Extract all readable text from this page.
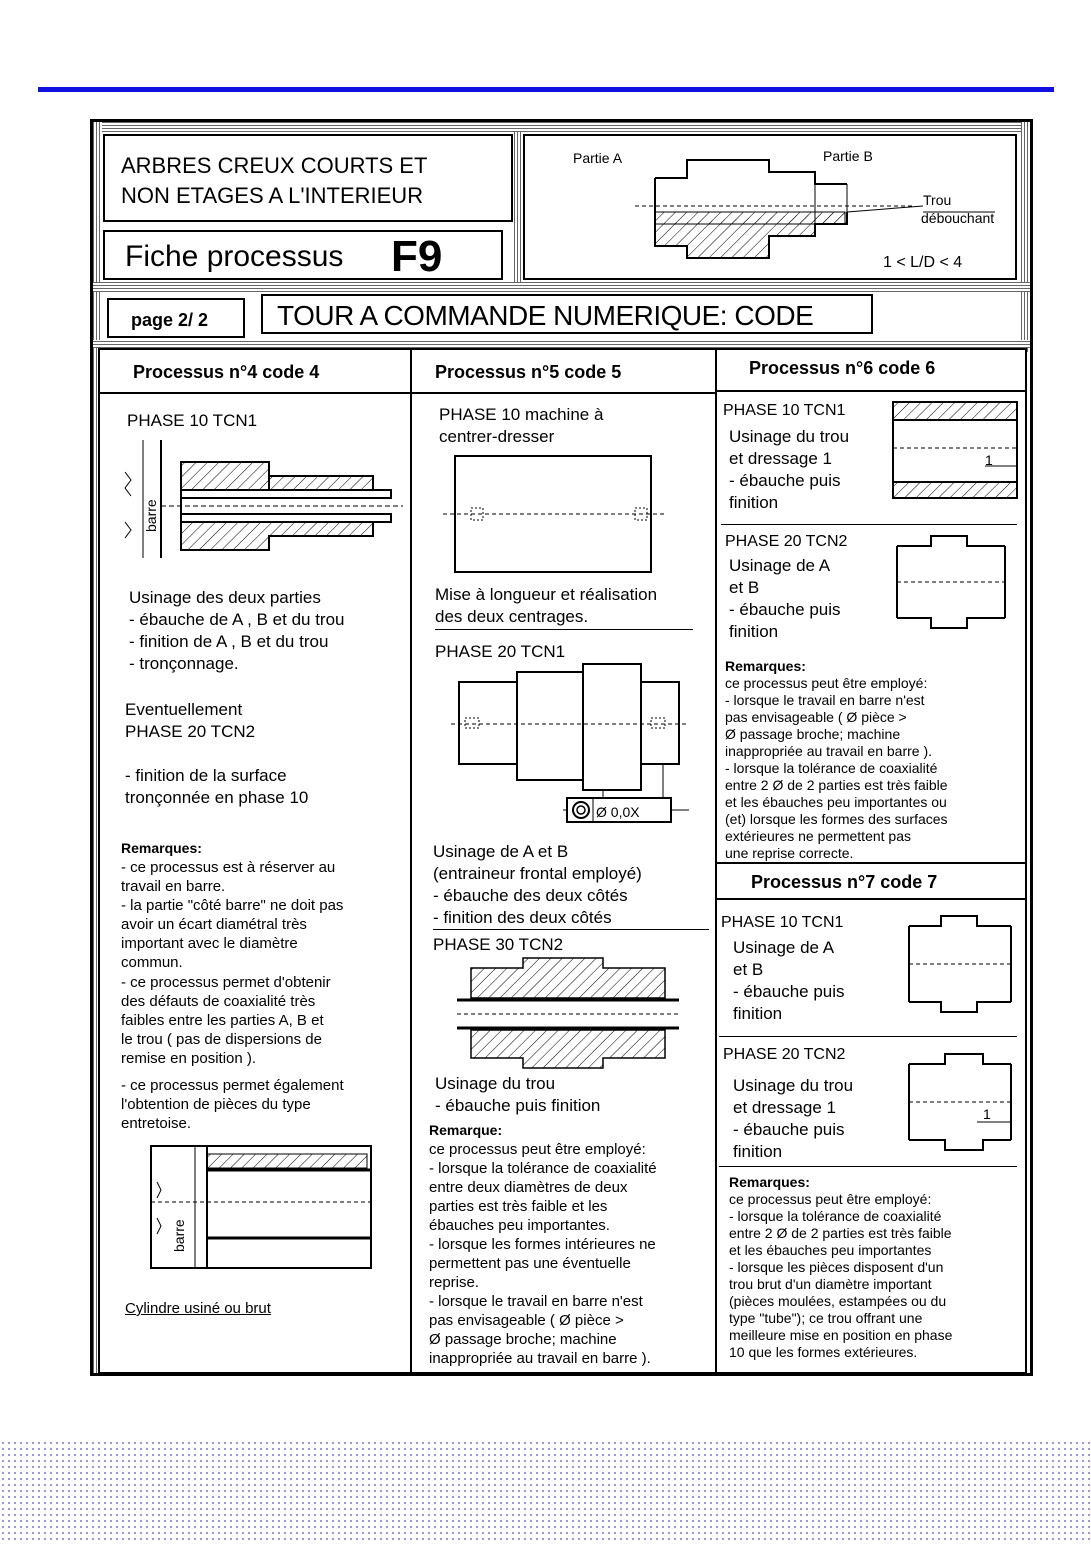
ARBRES CREUX COURTS ET
NON ETAGES A L'INTERIEUR
Fiche processus F9
Partie A	Partie B
Trou
débouchant
1 < L/D < 4
page 2/ 2 TOUR A COMMANDE NUMERIQUE: CODE
Processus n°4 code 4
PHASE 10 TCN1
barre
Usinage des deux parties
- ébauche de A , B et du trou
- finition de A , B et du trou
- tronçonnage.
Eventuellement
PHASE 20 TCN2
- finition de la surface
tronçonnée en phase 10
Remarques:
- ce processus est à réserver au
travail en barre.
- la partie "côté barre" ne doit pas
avoir un écart diamétral très
important avec le diamètre
commun.
- ce processus permet d'obtenir
des défauts de coaxialité très
faibles entre les parties A, B et
le trou ( pas de dispersions de
remise en position ).
- ce processus permet également
l'obtention de pièces du type
entretoise.
barre
Cylindre usiné ou brut
Processus n°5 code 5
PHASE 10 machine à
centrer-dresser
Mise à longueur et réalisation
des deux centrages.
PHASE 20 TCN1
Ø 0,0X
Usinage de A et B
(entraineur frontal employé)
- ébauche des deux côtés
- finition des deux côtés
PHASE 30 TCN2
Usinage du trou
- ébauche puis finition
Remarque:
ce processus peut être employé:
- lorsque la tolérance de coaxialité
entre deux diamètres de deux
parties est très faible et les
ébauches peu importantes.
- lorsque les formes intérieures ne
permettent pas une éventuelle
reprise.
- lorsque le travail en barre n'est
pas envisageable ( Ø pièce >
Ø passage broche; machine
inappropriée au travail en barre ).
Processus n°6 code 6
PHASE 10 TCN1
Usinage du trou
et dressage 1
- ébauche puis
finition
1
PHASE 20 TCN2
Usinage de A
et B
- ébauche puis
finition
Remarques:
ce processus peut être employé:
- lorsque le travail en barre n'est
pas envisageable ( Ø pièce >
Ø passage broche; machine
inappropriée au travail en barre ).
- lorsque la tolérance de coaxialité
entre 2 Ø de 2 parties est très faible
et les ébauches peu importantes ou
(et) lorsque les formes des surfaces
extérieures ne permettent pas
une reprise correcte.
Processus n°7 code 7
PHASE 10 TCN1
Usinage de A
et B
- ébauche puis
finition
PHASE 20 TCN2
Usinage du trou
et dressage 1
- ébauche puis
finition
1
Remarques:
ce processus peut être employé:
- lorsque la tolérance de coaxialité
entre 2 Ø de 2 parties est très faible
et les ébauches peu importantes
- lorsque les pièces disposent d'un
trou brut d'un diamètre important
(pièces moulées, estampées ou du
type "tube"); ce trou offrant une
meilleure mise en position en phase
10 que les formes extérieures.
